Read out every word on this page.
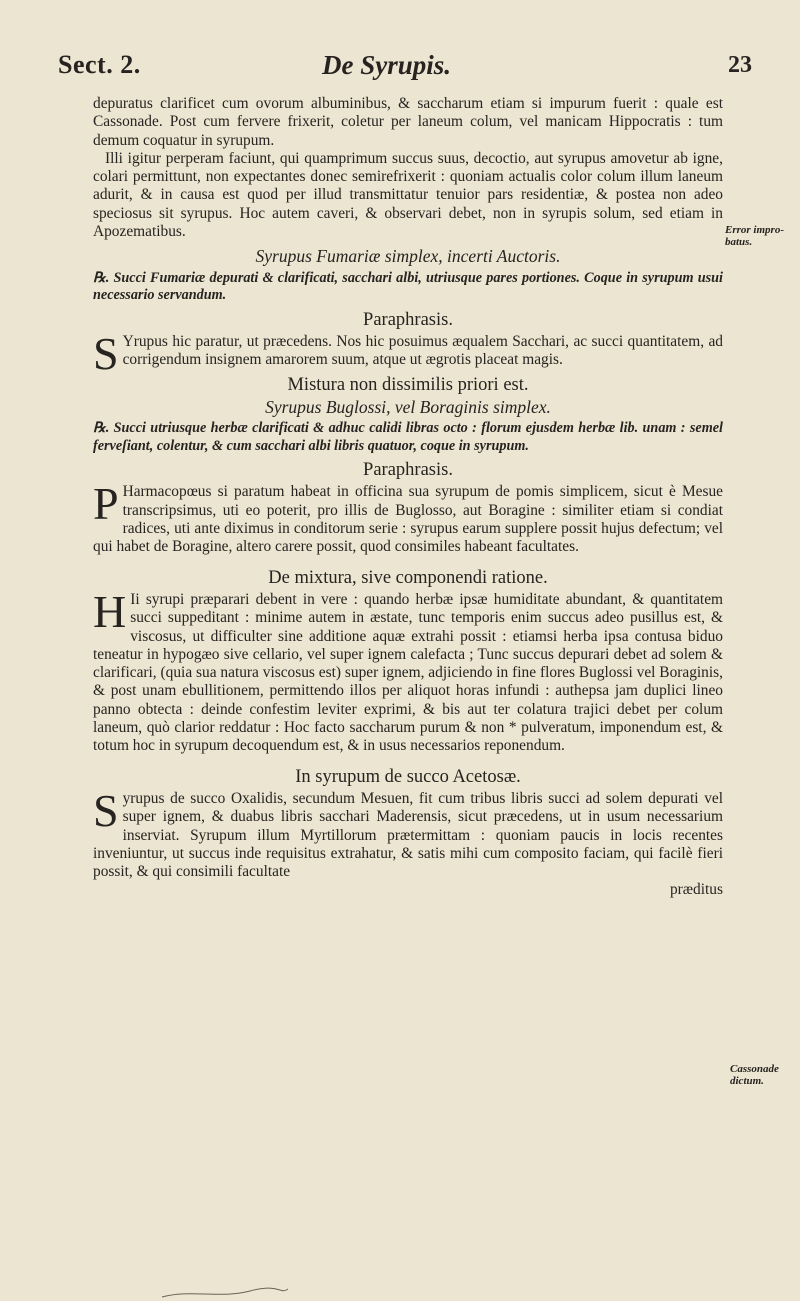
Sect. 2.	De Syrupis.	23
Error impro-batus.
Cassonade dictum.

depuratus clarificet cum ovorum albuminibus, & saccharum etiam si impurum fuerit : quale est Cassonade. Post cum fervere frixerit, coletur per laneum colum, vel manicam Hippocratis : tum demum coquatur in syrupum.

Illi igitur perperam faciunt, qui quamprimum succus suus, decoctio, aut syrupus amovetur ab igne, colari permittunt, non expectantes donec semirefrixerit : quoniam actualis color colum illum laneum adurit, & in causa est quod per illud transmittatur tenuior pars residentiæ, & postea non adeo speciosus sit syrupus. Hoc autem caveri, & observari debet, non in syrupis solum, sed etiam in Apozematibus.

Syrupus Fumariæ simplex, incerti Auctoris.

℞. Succi Fumariæ depurati & clarificati, sacchari albi, utriusque pares portiones. Coque in syrupum usui necessario servandum.

Paraphrasis.

S Yrupus hic paratur, ut præcedens. Nos hic posuimus æqualem Sacchari, ac succi quantitatem, ad corrigendum insignem amarorem suum, atque ut ægrotis placeat magis.

Mistura non dissimilis priori est.
Syrupus Buglossi, vel Boraginis simplex.

℞. Succi utriusque herbæ clarificati & adhuc calidi libras octo : florum ejusdem herbæ lib. unam : semel ferveſiant, colentur, & cum sacchari albi libris quatuor, coque in syrupum.

Paraphrasis.

P Harmacopœus si paratum habeat in officina sua syrupum de pomis simplicem, sicut è Mesue transcripsimus, uti eo poterit, pro illis de Buglosso, aut Boragine : similiter etiam si condiat radices, uti ante diximus in conditorum serie : syrupus earum supplere possit hujus defectum; vel qui habet de Boragine, altero carere possit, quod consimiles habeant facultates.

De mixtura, sive componendi ratione.

H Ii syrupi præparari debent in vere : quando herbæ ipsæ humiditate abundant, & quantitatem succi suppeditant : minime autem in æstate, tunc temporis enim succus adeo pusillus est, & viscosus, ut difficulter sine additione aquæ extrahi possit : etiamsi herba ipsa contusa biduo teneatur in hypogæo sive cellario, vel super ignem calefacta ; Tunc succus depurari debet ad solem & clarificari, (quia sua natura viscosus est) super ignem, adjiciendo in fine flores Buglossi vel Boraginis, & post unam ebullitionem, permittendo illos per aliquot horas infundi : authepsa jam duplici lineo panno obtecta : deinde confestim leviter exprimi, & bis aut ter colatura trajici debet per colum laneum, quò clarior reddatur : Hoc facto saccharum purum & non * pulveratum, imponendum est, & totum hoc in syrupum decoquendum est, & in usus necessarios reponendum.

In syrupum de succo Acetosæ.

Syrupus de succo Oxalidis, secundum Mesuen, fit cum tribus libris succi ad solem depurati vel super ignem, & duabus libris sacchari Maderensis, sicut præcedens, ut in usum necessarium inserviat. Syrupum illum Myrtillorum prætermittam : quoniam paucis in locis recentes inveniuntur, ut succus inde requisitus extrahatur, & satis mihi cum composito faciam, qui facilè fieri possit, & qui consimili facultate

præditus
